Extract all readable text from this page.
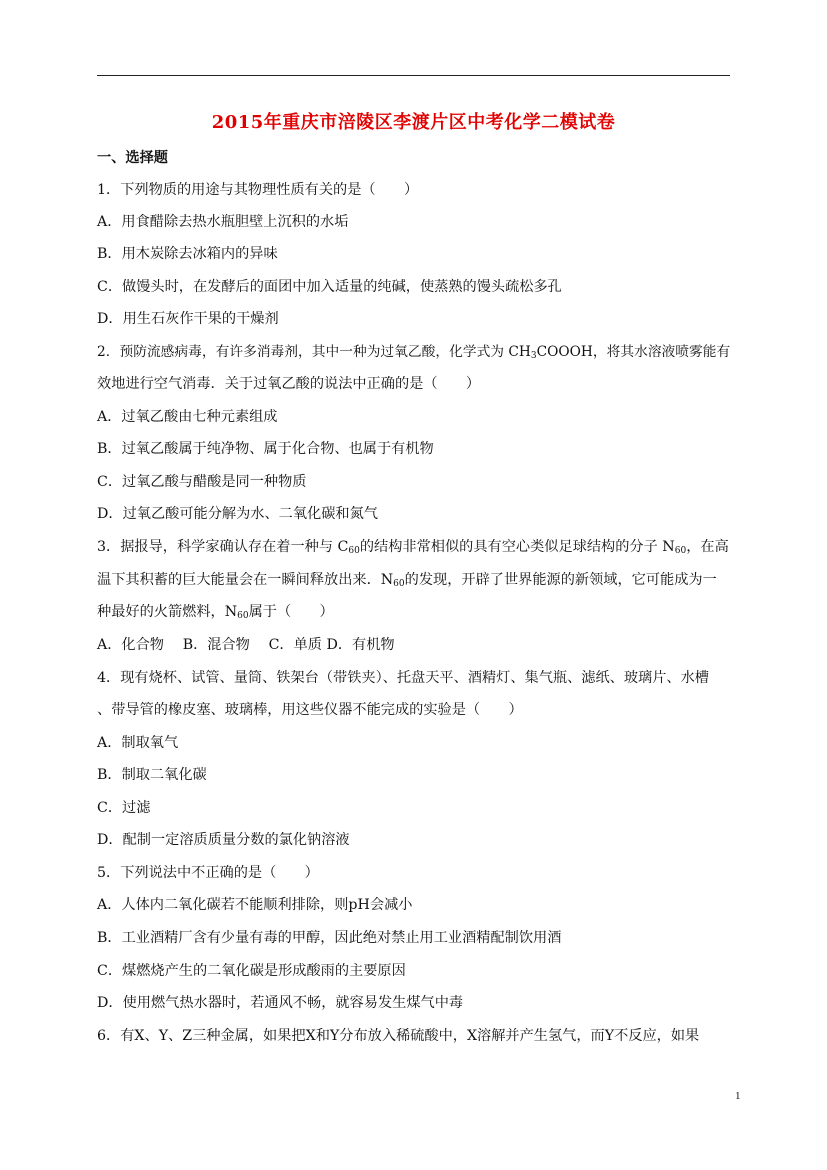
2015年重庆市涪陵区李渡片区中考化学二模试卷
一、选择题
1．下列物质的用途与其物理性质有关的是（　　）
A．用食醋除去热水瓶胆壁上沉积的水垢
B．用木炭除去冰箱内的异味
C．做馒头时，在发酵后的面团中加入适量的纯碱，使蒸熟的馒头疏松多孔
D．用生石灰作干果的干燥剂
2．预防流感病毒，有许多消毒剂，其中一种为过氧乙酸，化学式为 $CH_3COOOH$，将其水溶液喷雾能有
效地进行空气消毒．关于过氧乙酸的说法中正确的是（　　）
A．过氧乙酸由七种元素组成
B．过氧乙酸属于纯净物、属于化合物、也属于有机物
C．过氧乙酸与醋酸是同一种物质
D．过氧乙酸可能分解为水、二氧化碳和氮气
3．据报导，科学家确认存在着一种与 $C_{60}$的结构非常相似的具有空心类似足球结构的分子 $N_{60}$，在高
温下其积蓄的巨大能量会在一瞬间释放出来．$N_{60}$的发现，开辟了世界能源的新领域，它可能成为一
种最好的火箭燃料，$N_{60}$属于（　　）
A．化合物　 B．混合物　 C．单质 D．有机物
4．现有烧杯、试管、量筒、铁架台（带铁夹）、托盘天平、酒精灯、集气瓶、滤纸、玻璃片、水槽
、带导管的橡皮塞、玻璃棒，用这些仪器不能完成的实验是（　　）
A．制取氧气
B．制取二氧化碳
C．过滤
D．配制一定溶质质量分数的氯化钠溶液
5．下列说法中不正确的是（　　）
A．人体内二氧化碳若不能顺利排除，则pH会减小
B．工业酒精厂含有少量有毒的甲醇，因此绝对禁止用工业酒精配制饮用酒
C．煤燃烧产生的二氧化碳是形成酸雨的主要原因
D．使用燃气热水器时，若通风不畅，就容易发生煤气中毒
6．有X、Y、Z三种金属，如果把X和Y分布放入稀硫酸中，X溶解并产生氢气，而Y不反应，如果
1
